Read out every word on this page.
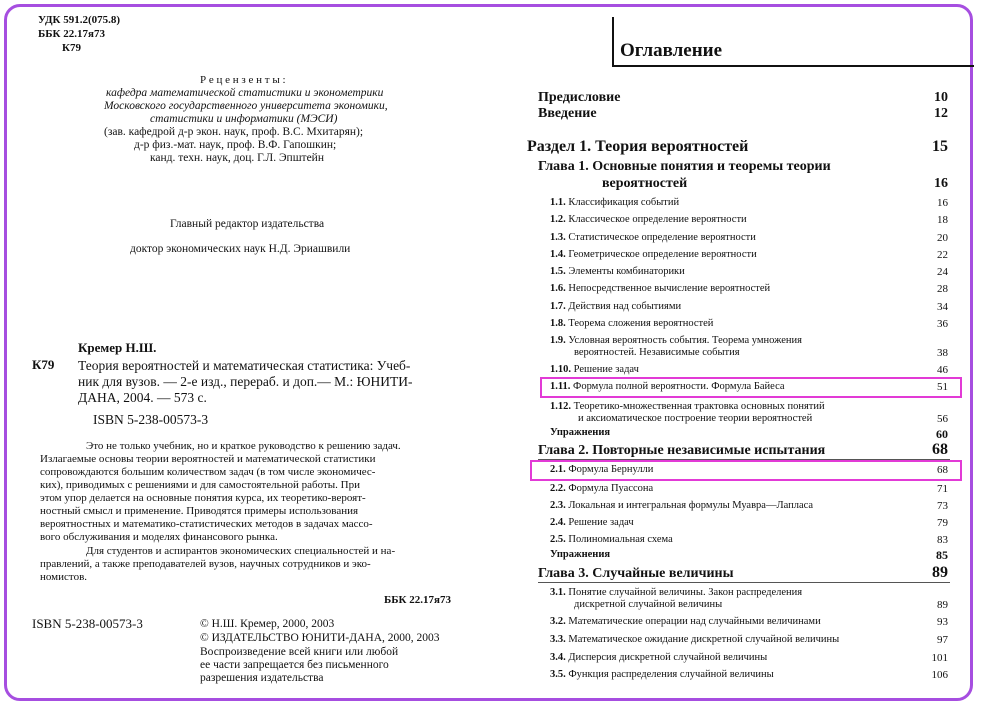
УДК 591.2(075.8)
ББК 22.17я73
К79
Р е ц е н з е н т ы :
кафедра математической статистики и эконометрики
Московского государственного университета экономики,
статистики и информатики (МЭСИ)
(зав. кафедрой д-р экон. наук, проф. В.С. Мхитарян);
д-р физ.-мат. наук, проф. В.Ф. Гапошкин;
канд. техн. наук, доц. Г.Л. Эпштейн
Главный редактор издательства
доктор экономических наук Н.Д. Эриашвили
Кремер Н.Ш.
К79 Теория вероятностей и математическая статистика: Учеб-
ник для вузов. — 2-е изд., перераб. и доп.— М.: ЮНИТИ-
ДАНА, 2004. — 573 с.
ISBN 5-238-00573-3
Это не только учебник, но и краткое руководство к решению задач.
Излагаемые основы теории вероятностей и математической статистики
сопровождаются большим количеством задач (в том числе экономичес-
ких), приводимых с решениями и для самостоятельной работы. При
этом упор делается на основные понятия курса, их теоретико-вероят-
ностный смысл и применение. Приводятся примеры использования
вероятностных и математико-статистических методов в задачах массо-
вого обслуживания и моделях финансового рынка.
Для студентов и аспирантов экономических специальностей и на-
правлений, а также преподавателей вузов, научных сотрудников и эко-
номистов.
ББК 22.17я73
ISBN 5-238-00573-3	© Н.Ш. Кремер, 2000, 2003
© ИЗДАТЕЛЬСТВО ЮНИТИ-ДАНА, 2000, 2003
Воспроизведение всей книги или любой
ее части запрещается без письменного
разрешения издательства
Оглавление
Предисловие	10
Введение	12
Раздел 1. Теория вероятностей	15
Глава 1. Основные понятия и теоремы теории
вероятностей	16
1.1. Классификация событий	16
1.2. Классическое определение вероятности	18
1.3. Статистическое определение вероятности	20
1.4. Геометрическое определение вероятности	22
1.5. Элементы комбинаторики	24
1.6. Непосредственное вычисление вероятностей	28
1.7. Действия над событиями	34
1.8. Теорема сложения вероятностей	36
1.9. Условная вероятность события. Теорема умножения
вероятностей. Независимые события	38
1.10. Решение задач	46
1.11. Формула полной вероятности. Формула Байеса	51
1.12. Теоретико-множественная трактовка основных понятий
и аксиоматическое построение теории вероятностей	56
Упражнения	60
Глава 2. Повторные независимые испытания	68
2.1. Формула Бернулли	68
2.2. Формула Пуассона	71
2.3. Локальная и интегральная формулы Муавра—Лапласа	73
2.4. Решение задач	79
2.5. Полиномиальная схема	83
Упражнения	85
Глава 3. Случайные величины	89
3.1. Понятие случайной величины. Закон распределения
дискретной случайной величины	89
3.2. Математические операции над случайными величинами	93
3.3. Математическое ожидание дискретной случайной величины	97
3.4. Дисперсия дискретной случайной величины	101
3.5. Функция распределения случайной величины	106
